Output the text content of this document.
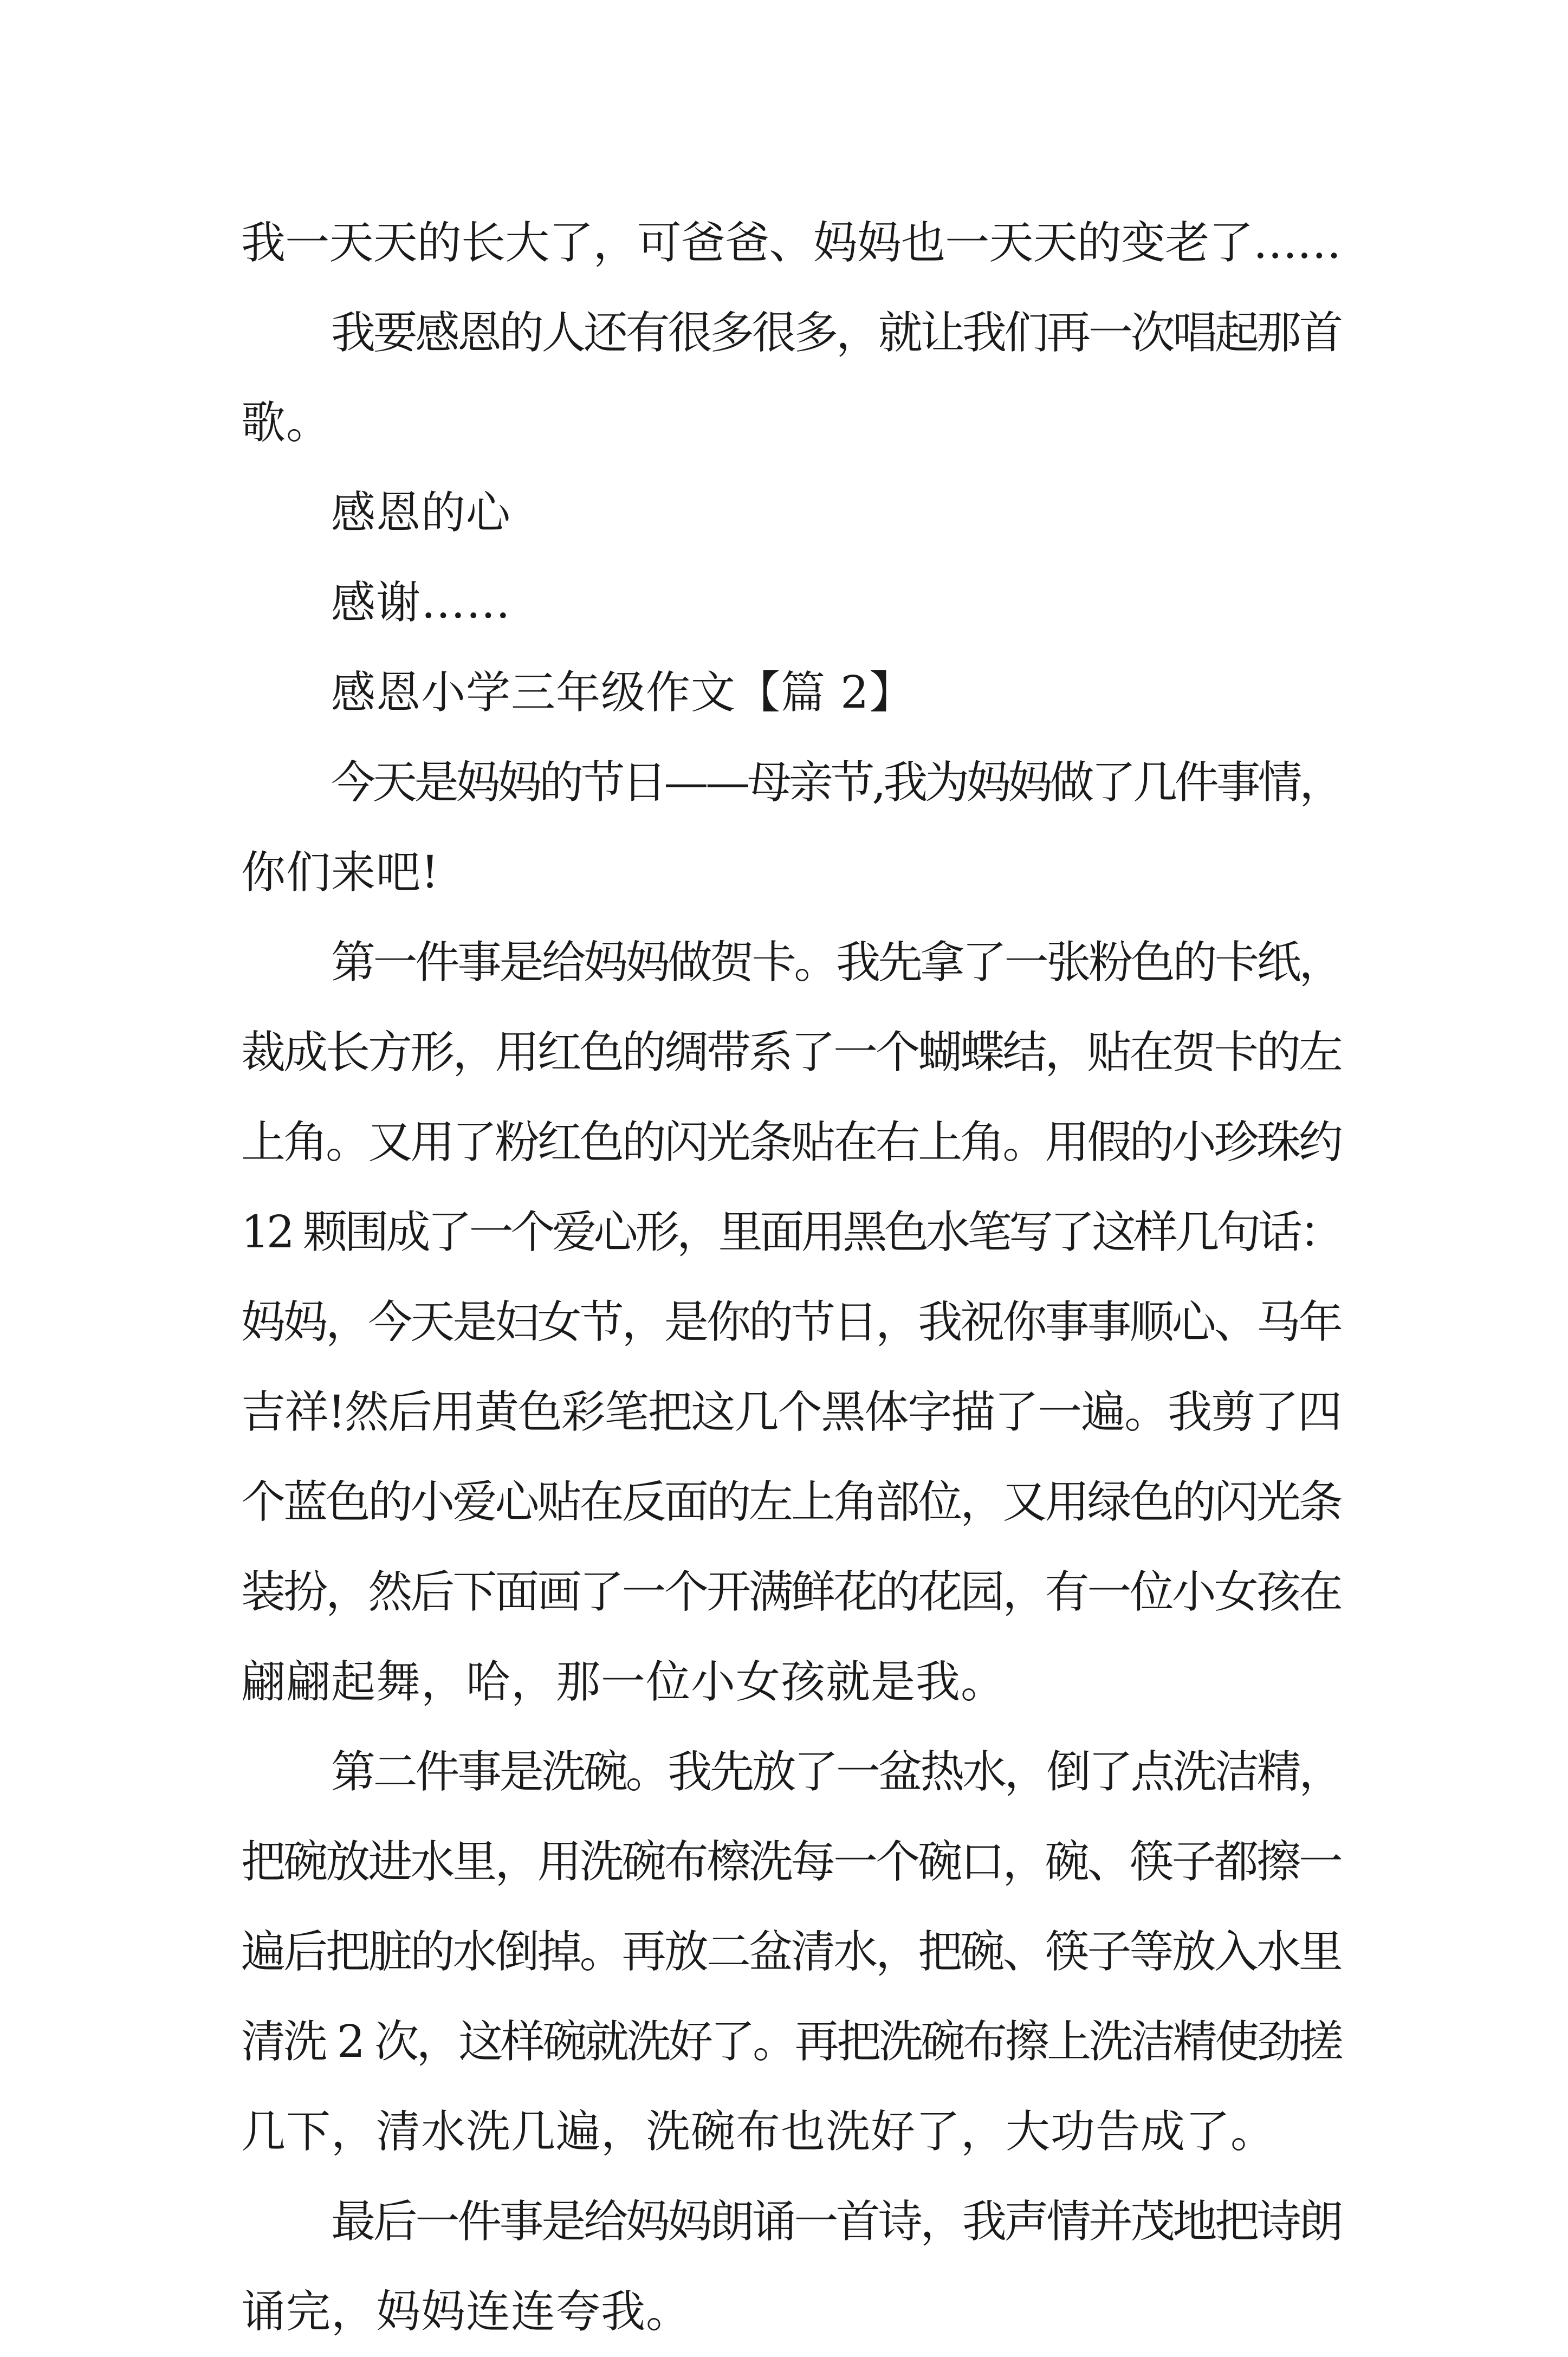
我一天天的长大了，可爸爸、妈妈也一天天的变老了……
我要感恩的人还有很多很多，就让我们再一次唱起那首
歌。
感恩的心
感谢……
感恩小学三年级作文【篇 2】
今天是妈妈的节日——母亲节,我为妈妈做了几件事情，
你们来吧!
第一件事是给妈妈做贺卡。我先拿了一张粉色的卡纸，
裁成长方形，用红色的绸带系了一个蝴蝶结，贴在贺卡的左
上角。又用了粉红色的闪光条贴在右上角。用假的小珍珠约
12 颗围成了一个爱心形，里面用黑色水笔写了这样几句话：
妈妈，今天是妇女节，是你的节日，我祝你事事顺心、马年
吉祥!然后用黄色彩笔把这几个黑体字描了一遍。我剪了四
个蓝色的小爱心贴在反面的左上角部位，又用绿色的闪光条
装扮，然后下面画了一个开满鲜花的花园，有一位小女孩在
翩翩起舞，哈，那一位小女孩就是我。
第二件事是洗碗。我先放了一盆热水，倒了点洗洁精，
把碗放进水里，用洗碗布檫洗每一个碗口，碗、筷子都擦一
遍后把脏的水倒掉。再放二盆清水，把碗、筷子等放入水里
清洗 2 次，这样碗就洗好了。再把洗碗布擦上洗洁精使劲搓
几下，清水洗几遍，洗碗布也洗好了，大功告成了。
最后一件事是给妈妈朗诵一首诗，我声情并茂地把诗朗
诵完，妈妈连连夸我。
